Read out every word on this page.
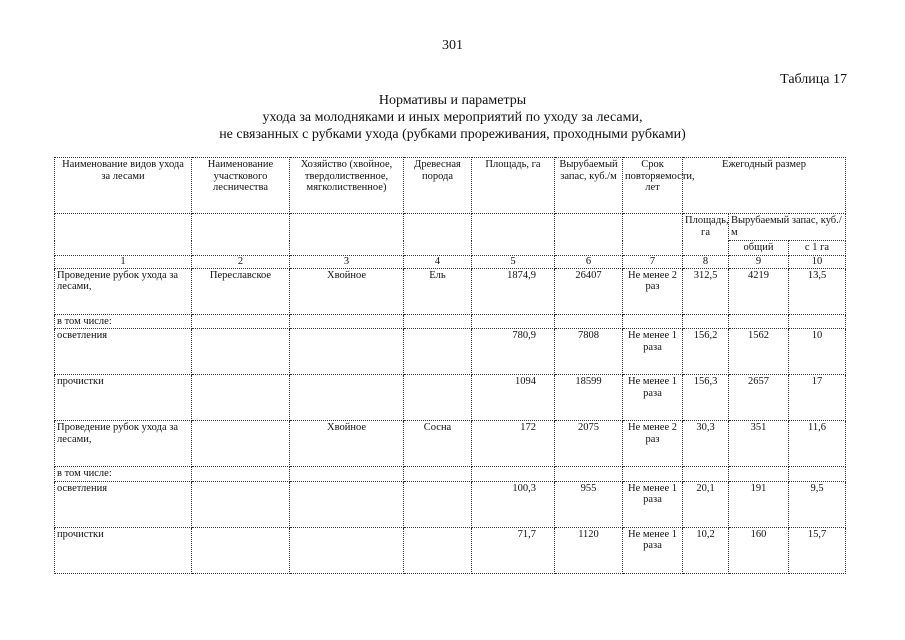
301
Таблица 17
Нормативы и параметры
ухода за молодняками и иных мероприятий по уходу за лесами,
не связанных с рубками ухода (рубками прореживания, проходными рубками)
Наименование видов ухода за лесами	Наименование участкового лесничества	Хозяйство (хвойное, твердолиственное, мягколиственное)	Древесная порода	Площадь, га	Вырубаемый запас, куб./м	Срок повторяемости, лет	Ежегодный размер		
							Площадь, га	Вырубаемый запас, куб./м	
								общий	с 1 га
1	2	3	4	5	6	7	8	9	10
Проведение рубок ухода за лесами,	Переславское	Хвойное	Ель	1874,9	26407	Не менее 2 раз	312,5	4219	13,5
в том числе:									
осветления				780,9	7808	Не менее 1 раза	156,2	1562	10
прочистки				1094	18599	Не менее 1 раза	156,3	2657	17
Проведение рубок ухода за лесами,		Хвойное	Сосна	172	2075	Не менее 2 раз	30,3	351	11,6
в том числе:									
осветления				100,3	955	Не менее 1 раза	20,1	191	9,5
прочистки				71,7	1120	Не менее 1 раза	10,2	160	15,7
